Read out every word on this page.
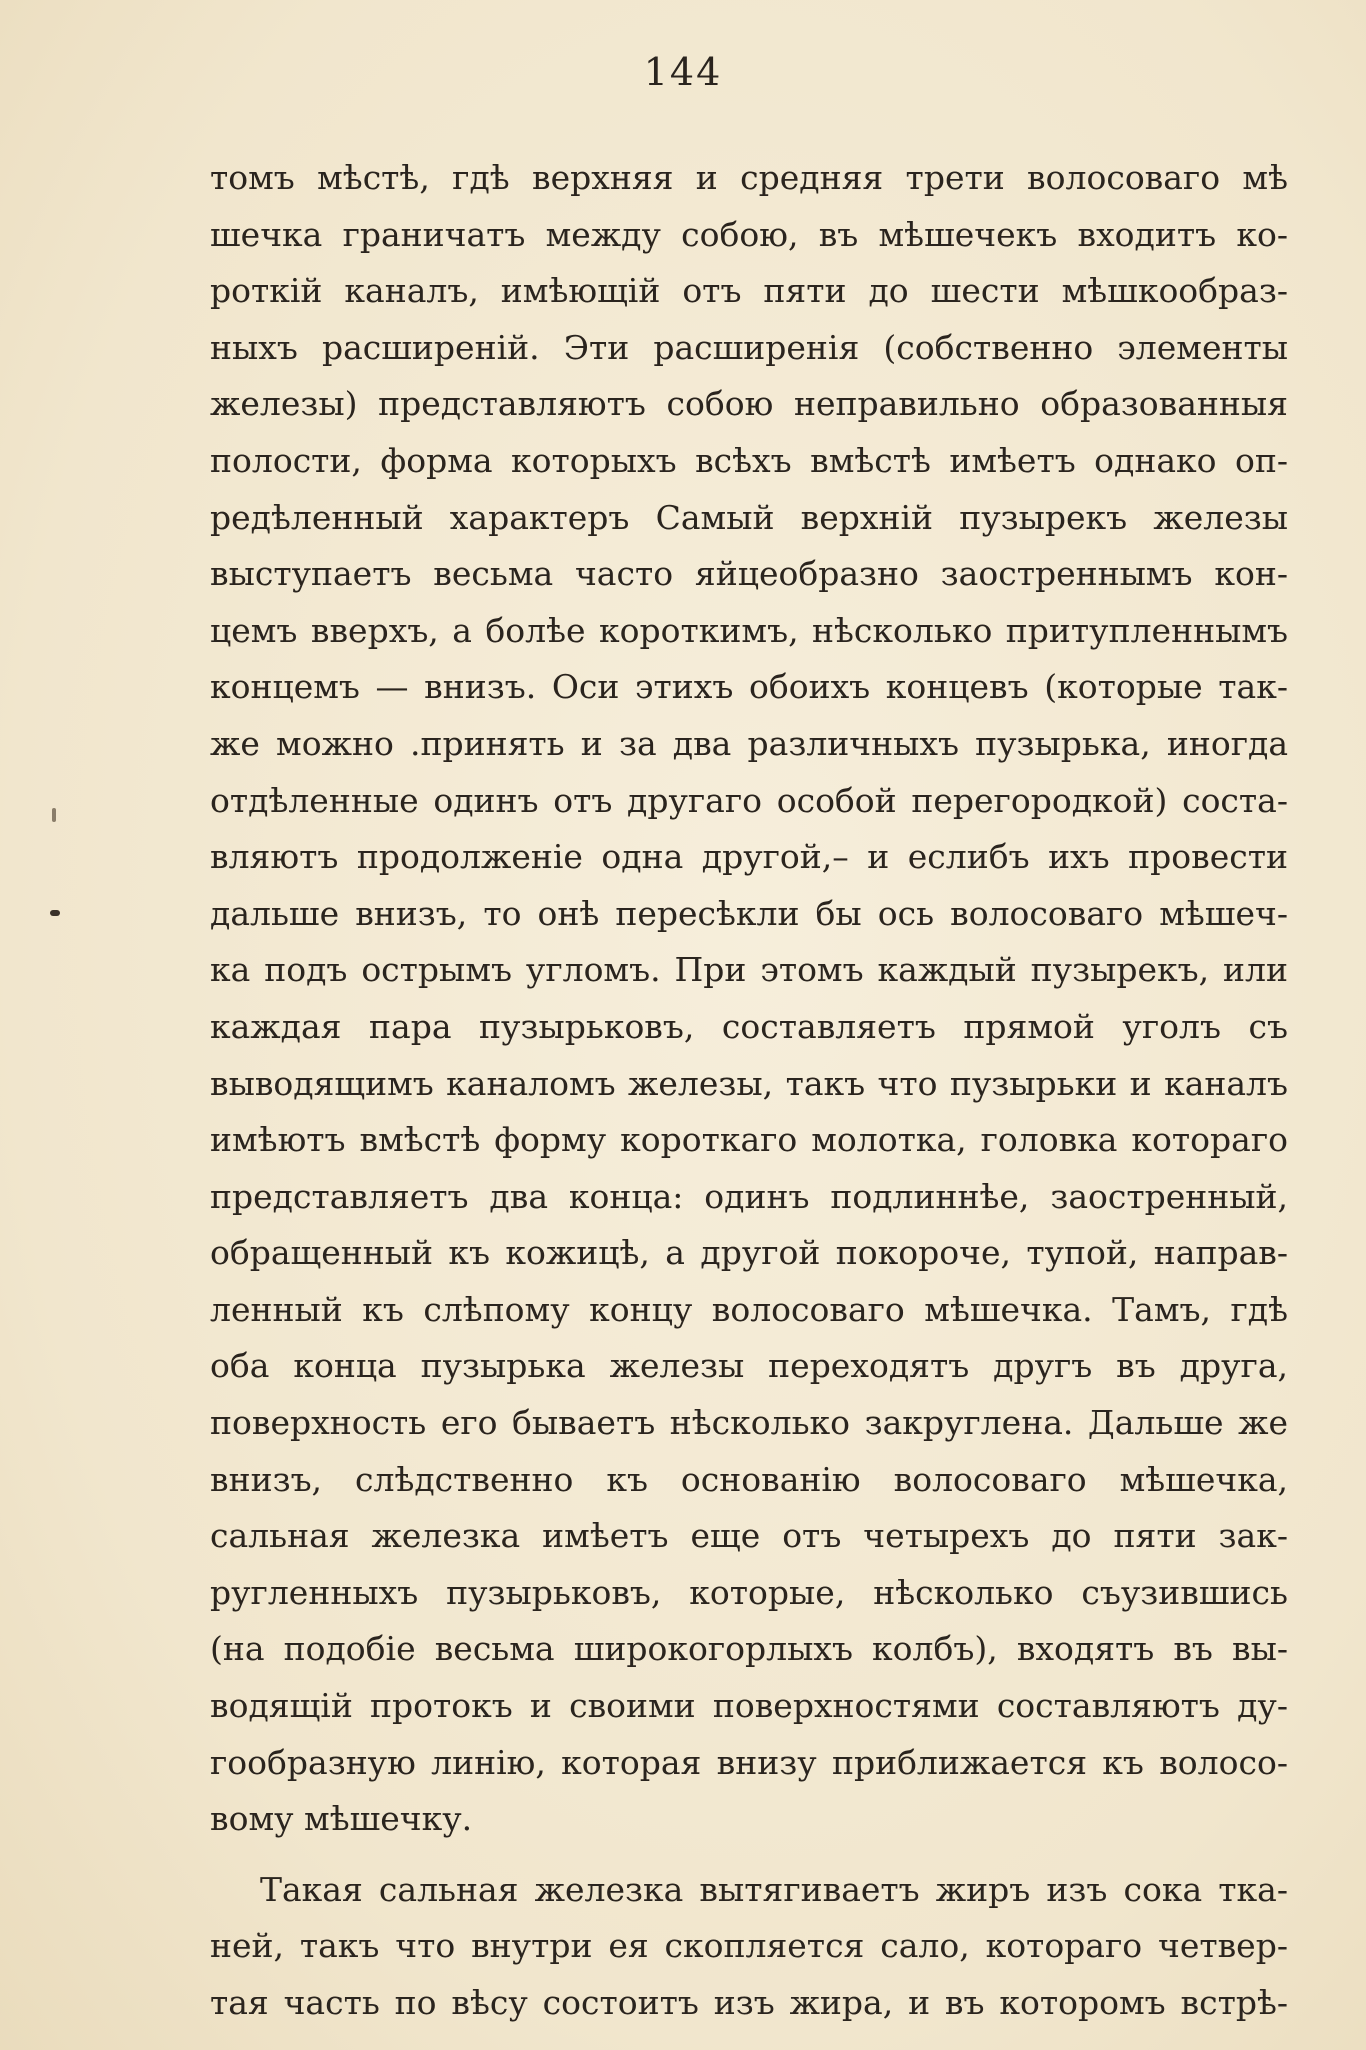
144
томъ мѣстѣ, гдѣ верхняя и средняя трети волосоваго мѣ
шечка граничатъ между собою, въ мѣшечекъ входитъ ко-
роткій каналъ, имѣющій отъ пяти до шести мѣшкообраз-
ныхъ расширеній. Эти расширенія (собственно элементы
железы) представляютъ собою неправильно образованныя
полости, форма которыхъ всѣхъ вмѣстѣ имѣетъ однако оп-
редѣленный характеръ Самый верхній пузырекъ железы
выступаетъ весьма часто яйцеобразно заостреннымъ кон-
цемъ вверхъ, а болѣе короткимъ, нѣсколько притупленнымъ
концемъ — внизъ. Оси этихъ обоихъ концевъ (которые так-
же можно .принять и за два различныхъ пузырька, иногда
отдѣленные одинъ отъ другаго особой перегородкой) соста-
вляютъ продолженіе одна другой,– и еслибъ ихъ провести
дальше внизъ, то онѣ пересѣкли бы ось волосоваго мѣшеч-
ка подъ острымъ угломъ. При этомъ каждый пузырекъ, или
каждая пара пузырьковъ, составляетъ прямой уголъ съ
выводящимъ каналомъ железы, такъ что пузырьки и каналъ
имѣютъ вмѣстѣ форму короткаго молотка, головка котораго
представляетъ два конца: одинъ подлиннѣе, заостренный,
обращенный къ кожицѣ, а другой покороче, тупой, направ-
ленный къ слѣпому концу волосоваго мѣшечка. Тамъ, гдѣ
оба конца пузырька железы переходятъ другъ въ друга,
поверхность его бываетъ нѣсколько закруглена. Дальше же
внизъ, слѣдственно къ основанію волосоваго мѣшечка,
сальная железка имѣетъ еще отъ четырехъ до пяти зак-
ругленныхъ пузырьковъ, которые, нѣсколько съузившись
(на подобіе весьма широкогорлыхъ колбъ), входятъ въ вы-
водящій протокъ и своими поверхностями составляютъ ду-
гообразную линію, которая внизу приближается къ волосо-
вому мѣшечку.
Такая сальная железка вытягиваетъ жиръ изъ сока тка-
ней, такъ что внутри ея скопляется сало, котораго четвер-
тая часть по вѣсу состоитъ изъ жира, и въ которомъ встрѣ-
